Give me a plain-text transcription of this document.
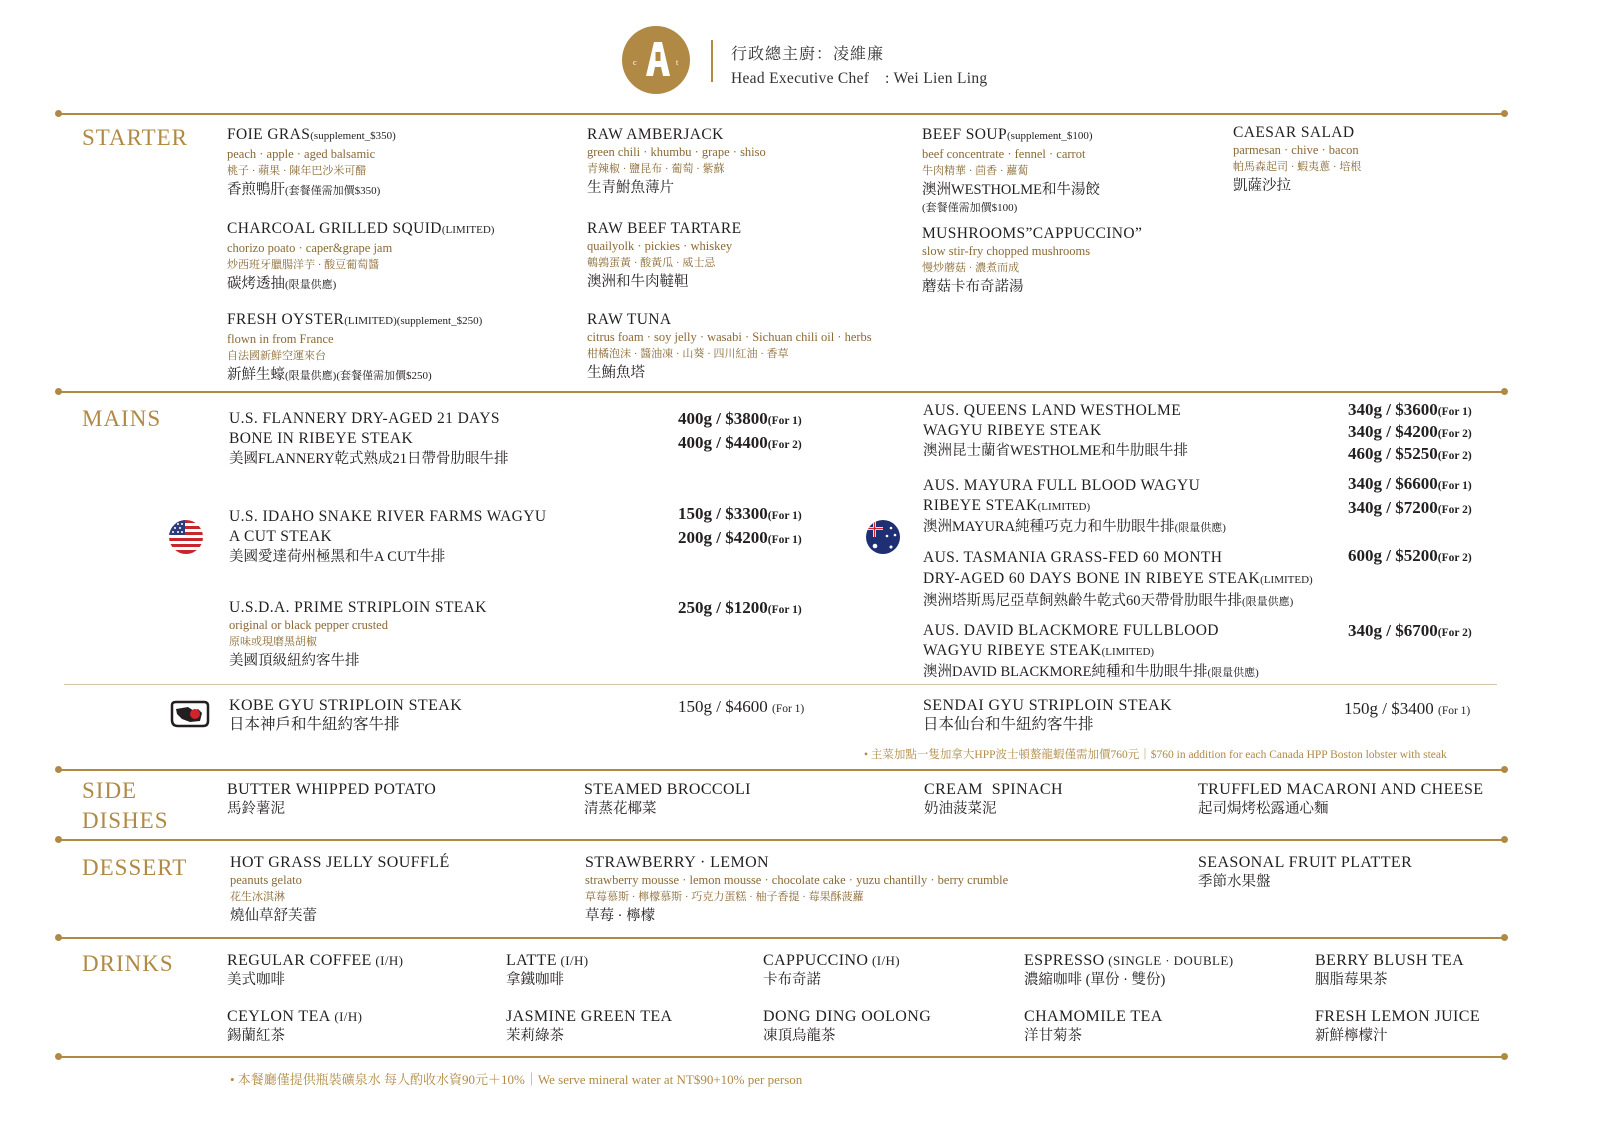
c
u
t	行政總主廚：凌維廉
Head Executive Chef　: Wei Lien Ling
STARTER
MAINS
SIDE
DISHES
DESSERT
DRINKS
FOIE GRAS(supplement_$350)
peach · apple · aged balsamic
桃子 · 蘋果 · 陳年巴沙米可醋
香煎鴨肝(套餐僅需加價$350)
CHARCOAL GRILLED SQUID(LIMITED)
chorizo poato · caper&grape jam
炒西班牙臘腸洋芋 · 酸豆葡萄醬
碳烤透抽(限量供應)
FRESH OYSTER(LIMITED)(supplement_$250)
flown in from France
自法國新鮮空運來台
新鮮生蠔(限量供應)(套餐僅需加價$250)
RAW AMBERJACK
green chili · khumbu · grape · shiso
青辣椒 · 鹽昆布 · 葡萄 · 紫蘇
生青鮒魚薄片
RAW BEEF TARTARE
quailyolk · pickies · whiskey
鵪鶉蛋黃 · 酸黃瓜 · 威士忌
澳洲和牛肉韃靼
RAW TUNA
citrus foam · soy jelly · wasabi · Sichuan chili oil · herbs
柑橘泡沫 · 醬油凍 · 山葵 · 四川紅油 · 香草
生鮪魚塔
BEEF SOUP(supplement_$100)
beef concentrate · fennel · carrot
牛肉精華 · 茴香 · 蘿蔔
澳洲WESTHOLME和牛湯餃
(套餐僅需加價$100)
MUSHROOMS”CAPPUCCINO”
slow stir-fry chopped mushrooms
慢炒蘑菇 · 濃煮而成
蘑菇卡布奇諾湯
CAESAR SALAD
parmesan · chive · bacon
帕馬森起司 · 蝦夷蔥 · 培根
凱薩沙拉
U.S. FLANNERY DRY-AGED 21 DAYS
BONE IN RIBEYE STEAK
美國FLANNERY乾式熟成21日帶骨肋眼牛排
400g / $3800(For 1)
400g / $4400(For 2)
U.S. IDAHO SNAKE RIVER FARMS WAGYU
A CUT STEAK
美國愛達荷州極黑和牛A CUT牛排
150g / $3300(For 1)
200g / $4200(For 1)
U.S.D.A. PRIME STRIPLOIN STEAK
original or black pepper crusted
原味或現磨黑胡椒
美國頂級紐約客牛排
250g / $1200(For 1)
AUS. QUEENS LAND WESTHOLME
WAGYU RIBEYE STEAK
澳洲昆士蘭省WESTHOLME和牛肋眼牛排
340g / $3600(For 1)
340g / $4200(For 2)
460g / $5250(For 2)
AUS. MAYURA FULL BLOOD WAGYU
RIBEYE STEAK(LIMITED)
澳洲MAYURA純種巧克力和牛肋眼牛排(限量供應)
340g / $6600(For 1)
340g / $7200(For 2)
AUS. TASMANIA GRASS-FED 60 MONTH
DRY-AGED 60 DAYS BONE IN RIBEYE STEAK(LIMITED)
澳洲塔斯馬尼亞草飼熟齡牛乾式60天帶骨肋眼牛排(限量供應)
600g / $5200(For 2)
AUS. DAVID BLACKMORE FULLBLOOD
WAGYU RIBEYE STEAK(LIMITED)
澳洲DAVID BLACKMORE純種和牛肋眼牛排(限量供應)
340g / $6700(For 2)
KOBE GYU STRIPLOIN STEAK
日本神戶和牛紐約客牛排
150g / $4600 (For 1)	SENDAI GYU STRIPLOIN STEAK
日本仙台和牛紐約客牛排
150g / $3400 (For 1)
• 主菜加點一隻加拿大HPP波士頓螯龍蝦僅需加價760元｜$760 in addition for each Canada HPP Boston lobster with steak
BUTTER WHIPPED POTATO
馬鈴薯泥
STEAMED BROCCOLI
清蒸花椰菜
CREAM  SPINACH
奶油菠菜泥
TRUFFLED MACARONI AND CHEESE
起司焗烤松露通心麵
HOT GRASS JELLY SOUFFLÉ
peanuts gelato
花生冰淇淋
燒仙草舒芙蕾
STRAWBERRY · LEMON
strawberry mousse · lemon mousse · chocolate cake · yuzu chantilly · berry crumble
草莓慕斯 · 檸檬慕斯 · 巧克力蛋糕 · 柚子香提 · 莓果酥菠蘿
草莓 · 檸檬
SEASONAL FRUIT PLATTER
季節水果盤
REGULAR COFFEE (I/H)
美式咖啡
LATTE (I/H)
拿鐵咖啡
CAPPUCCINO (I/H)
卡布奇諾
ESPRESSO (SINGLE · DOUBLE)
濃縮咖啡 (單份 · 雙份)
BERRY BLUSH TEA
胭脂莓果茶
CEYLON TEA (I/H)
錫蘭紅茶
JASMINE GREEN TEA
茉莉綠茶
DONG DING OOLONG
凍頂烏龍茶
CHAMOMILE TEA
洋甘菊茶
FRESH LEMON JUICE
新鮮檸檬汁
• 本餐廳僅提供瓶裝礦泉水 每人酌收水資90元＋10%｜We serve mineral water at NT$90+10% per person
